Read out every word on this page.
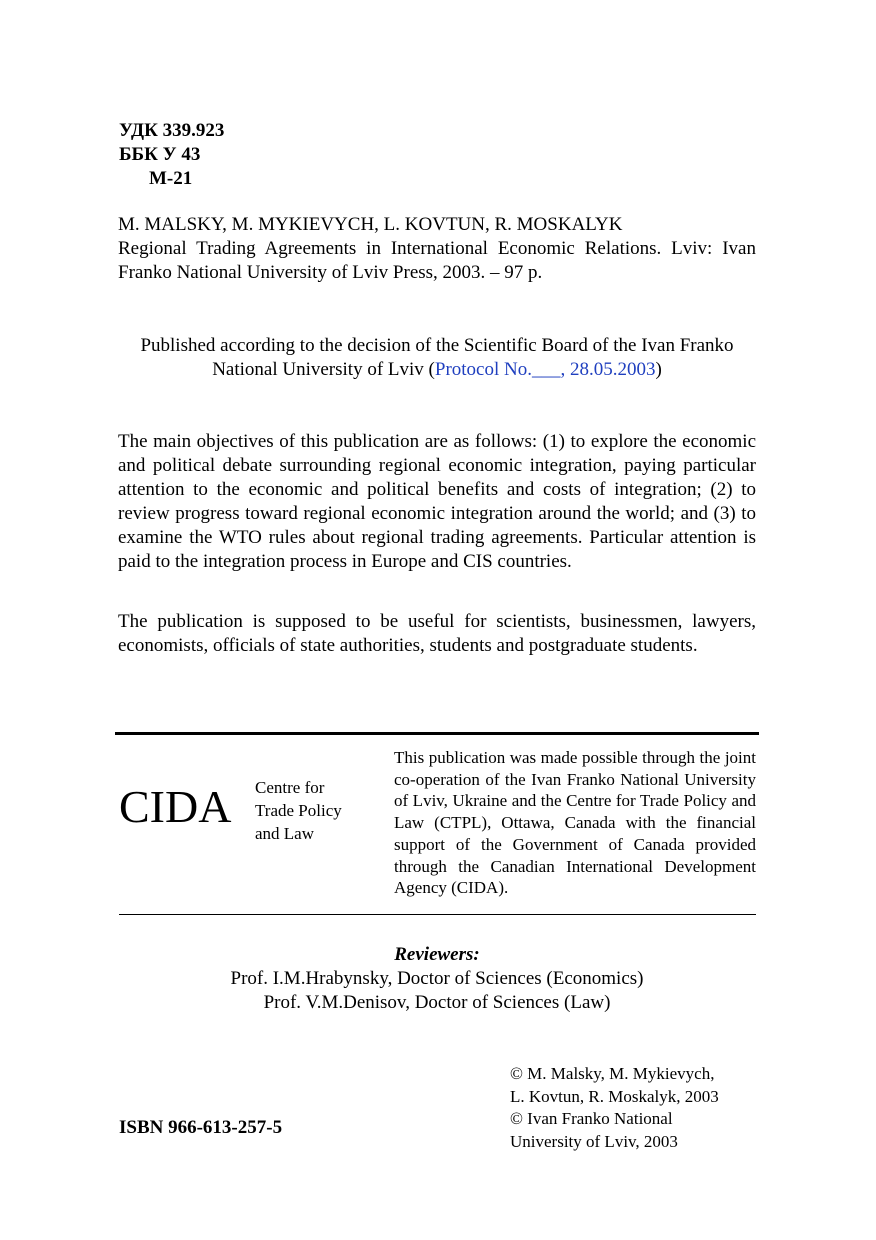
УДК 339.923
ББК У 43
М-21
M. MALSKY, M. MYKIEVYCH, L. KOVTUN, R. MOSKALYK
Regional Trading Agreements in International Economic Relations. Lviv: Ivan Franko National University of Lviv Press, 2003. – 97 p.
Published according to the decision of the Scientific Board of the Ivan Franko National University of Lviv (Protocol No.___, 28.05.2003)
The main objectives of this publication are as follows: (1) to explore the economic and political debate surrounding regional economic integration, paying particular attention to the economic and political benefits and costs of integration; (2) to review progress toward regional economic integration around the world; and (3) to examine the WTO rules about regional trading agreements. Particular attention is paid to the integration process in Europe and CIS countries.
The publication is supposed to be useful for scientists, businessmen, lawyers, economists, officials of state authorities, students and postgraduate students.
CIDA Centre for
Trade Policy
and Law
This publication was made possible through the joint co-operation of the Ivan Franko National University of Lviv, Ukraine and the Centre for Trade Policy and Law (CTPL), Ottawa, Canada with the financial support of the Government of Canada provided through the Canadian International Development Agency (CIDA).
Reviewers:
Prof. I.M.Hrabynsky, Doctor of Sciences (Economics)
Prof. V.M.Denisov, Doctor of Sciences (Law)
ISBN 966-613-257-5
© M. Malsky, M. Mykievych,
L. Kovtun, R. Moskalyk, 2003
© Ivan Franko National
University of Lviv, 2003
